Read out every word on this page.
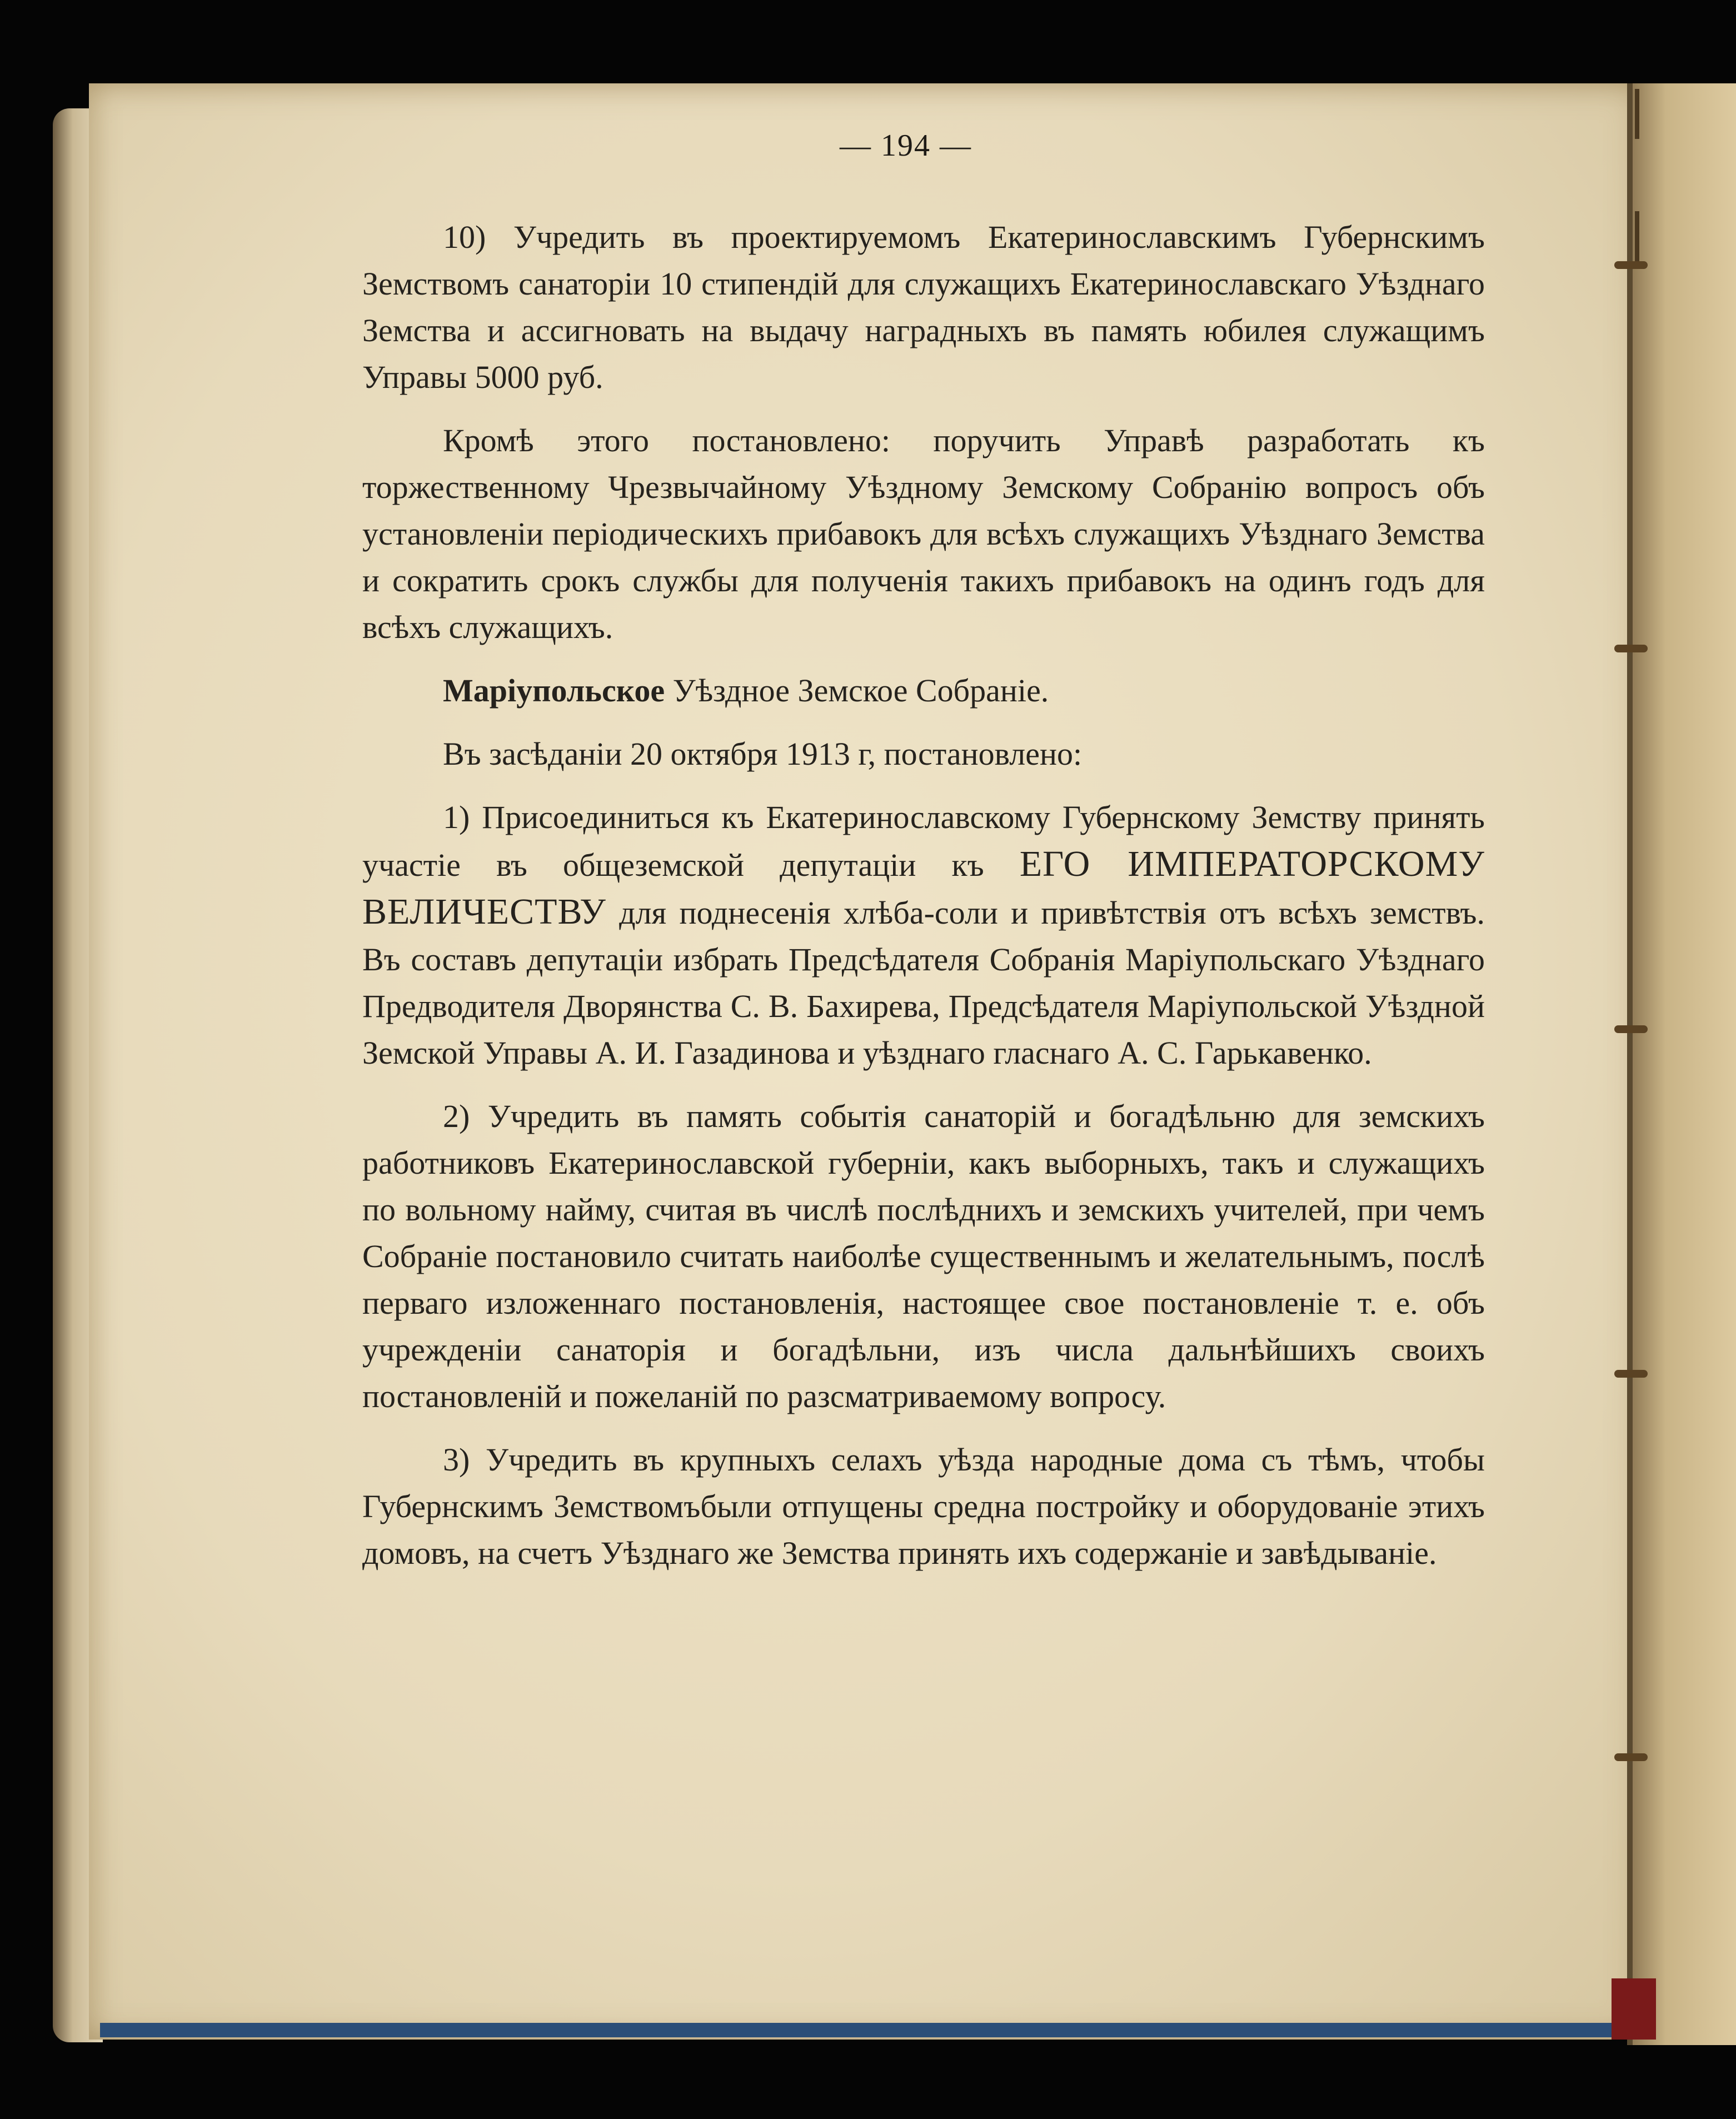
— 194 —

10) Учредить въ проектируемомъ Екатеринославскимъ Губернскимъ Земствомъ санаторіи 10 стипендій для служащихъ Екатеринославскаго Уѣзднаго Земства и ассигновать на выдачу наградныхъ въ память юбилея служащимъ Управы 5000 руб.

Кромѣ этого постановлено: поручить Управѣ разработать къ торжественному Чрезвычайному Уѣздному Земскому Собранію вопросъ объ установленіи періодическихъ прибавокъ для всѣхъ служащихъ Уѣзднаго Земства и сократить срокъ службы для полученія такихъ прибавокъ на одинъ годъ для всѣхъ служащихъ.

Маріупольское Уѣздное Земское Собраніе.

Въ засѣданіи 20 октября 1913 г, постановлено:

1) Присоединиться къ Екатеринославскому Губернскому Земству принять участіе въ общеземской депутаціи къ ЕГО ИМПЕРАТОРСКОМУ ВЕЛИЧЕСТВУ для поднесенія хлѣба-соли и привѣтствія отъ всѣхъ земствъ. Въ составъ депутаціи избрать Предсѣдателя Собранія Маріупольскаго Уѣзднаго Предводителя Дворянства С. В. Бахирева, Предсѣдателя Маріупольской Уѣздной Земской Управы А. И. Газадинова и уѣзднаго гласнаго А. С. Гарькавенко.

2) Учредить въ память событія санаторій и богадѣльню для земскихъ работниковъ Екатеринославской губерніи, какъ выборныхъ, такъ и служащихъ по вольному найму, считая въ числѣ послѣднихъ и земскихъ учителей, при чемъ Собраніе постановило считать наиболѣе существеннымъ и желательнымъ, послѣ перваго изложеннаго постановленія, настоящее свое постановленіе т. е. объ учрежденіи санаторія и богадѣльни, изъ числа дальнѣйшихъ своихъ постановленій и пожеланій по разсматриваемому вопросу.

3) Учредить въ крупныхъ селахъ уѣзда народные дома съ тѣмъ, чтобы Губернскимъ Земствомъбыли отпущены средна постройку и оборудованіе этихъ домовъ, на счетъ Уѣзднаго же Земства принять ихъ содержаніе и завѣдываніе.
